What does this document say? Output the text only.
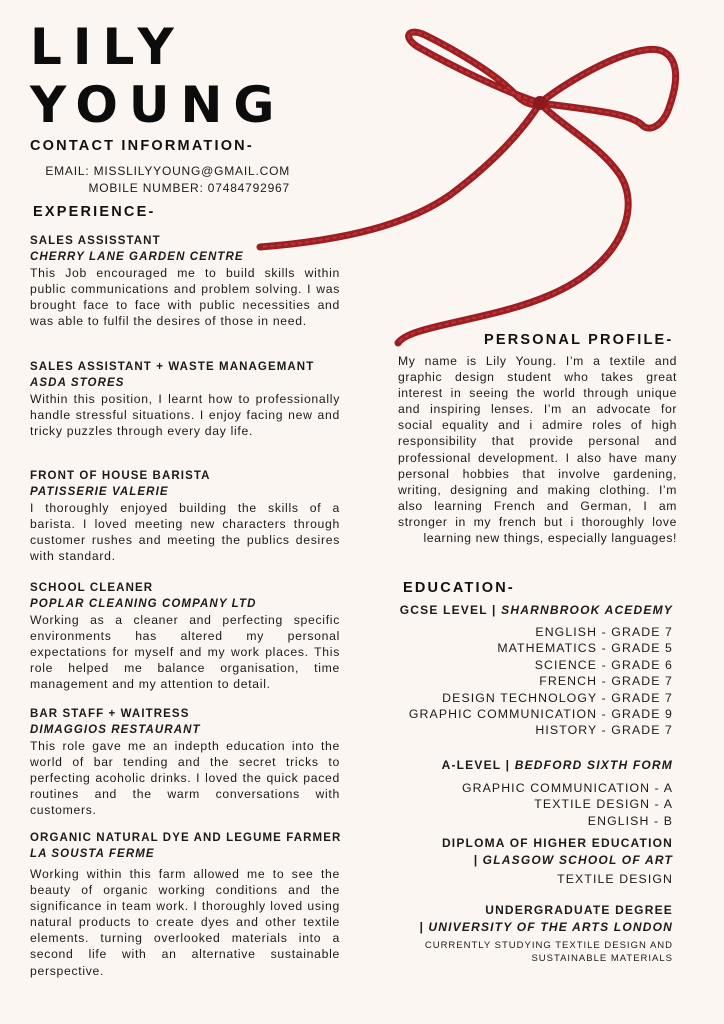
LILY
YOUNG
CONTACT INFORMATION-
EMAIL: MISSLILYYOUNG@GMAIL.COM
MOBILE NUMBER: 07484792967
EXPERIENCE-
SALES ASSISSTANT
CHERRY LANE GARDEN CENTRE
This Job encouraged me to build skills within public communications and problem solving. I was brought face to face with public necessities and was able to fulfil the desires of those in need.
SALES ASSISTANT + WASTE MANAGEMANT
ASDA STORES
Within this position, I learnt how to professionally handle stressful situations. I enjoy facing new and tricky puzzles through every day life.
FRONT OF HOUSE BARISTA
PATISSERIE VALERIE
I thoroughly enjoyed building the skills of a barista. I loved meeting new characters through customer rushes and meeting the publics desires with standard.
SCHOOL CLEANER
POPLAR CLEANING COMPANY LTD
Working as a cleaner and perfecting specific environments has altered my personal expectations for myself and my work places. This role helped me balance organisation, time management and my attention to detail.
BAR STAFF + WAITRESS
DIMAGGIOS RESTAURANT
This role gave me an indepth education into the world of bar tending and the secret tricks to perfecting acoholic drinks. I loved the quick paced routines and the warm conversations with customers.
ORGANIC NATURAL DYE AND LEGUME FARMER
LA SOUSTA FERME
Working within this farm allowed me to see the beauty of organic working conditions and the significance in team work. I thoroughly loved using natural products to create dyes and other textile elements. turning overlooked materials into a second life with an alternative sustainable perspective.
PERSONAL PROFILE-
My name is Lily Young. I’m a textile and graphic design student who takes great interest in seeing the world through unique and inspiring lenses. I’m an advocate for social equality and i admire roles of high responsibility that provide personal and professional development. I also have many personal hobbies that involve gardening, writing, designing and making clothing. I’m also learning French and German, I am stronger in my french but i thoroughly love learning new things, especially languages!
EDUCATION-
GCSE LEVEL | SHARNBROOK ACEDEMY
ENGLISH - GRADE 7
MATHEMATICS - GRADE 5
SCIENCE - GRADE 6
FRENCH - GRADE 7
DESIGN TECHNOLOGY - GRADE 7
GRAPHIC COMMUNICATION - GRADE 9
HISTORY - GRADE 7
A-LEVEL | BEDFORD SIXTH FORM
GRAPHIC COMMUNICATION - A
TEXTILE DESIGN - A
ENGLISH - B
DIPLOMA OF HIGHER EDUCATION
| GLASGOW SCHOOL OF ART
TEXTILE DESIGN
UNDERGRADUATE DEGREE
| UNIVERSITY OF THE ARTS LONDON
CURRENTLY STUDYING TEXTILE DESIGN AND
SUSTAINABLE MATERIALS
